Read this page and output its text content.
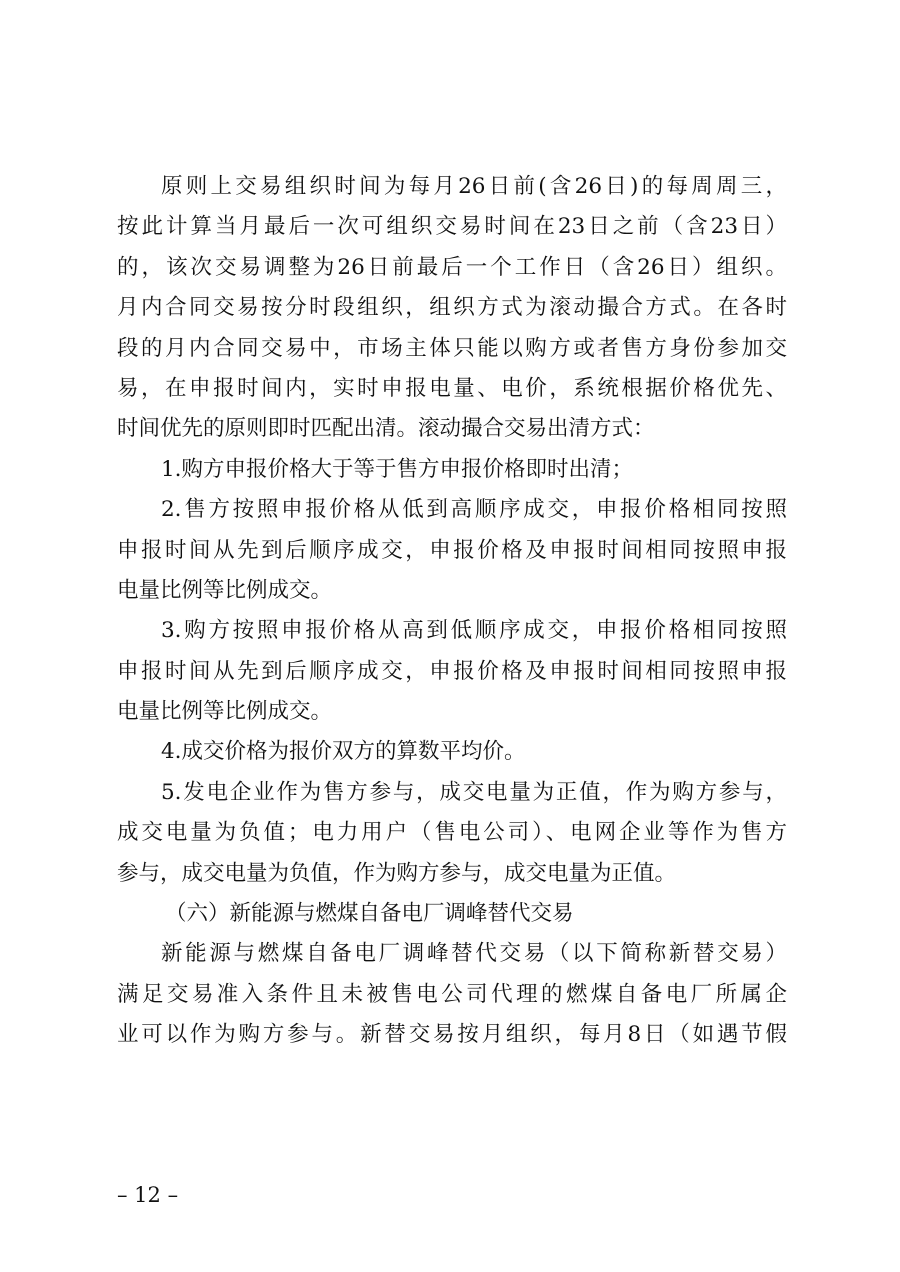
原则上交易组织时间为每月26日前(含26日)的每周周三，
按此计算当月最后一次可组织交易时间在23日之前（含23日）
的，该次交易调整为26日前最后一个工作日（含26日）组织。
月内合同交易按分时段组织，组织方式为滚动撮合方式。在各时
段的月内合同交易中，市场主体只能以购方或者售方身份参加交
易，在申报时间内，实时申报电量、电价，系统根据价格优先、
时间优先的原则即时匹配出清。滚动撮合交易出清方式：
1.购方申报价格大于等于售方申报价格即时出清；
2.售方按照申报价格从低到高顺序成交，申报价格相同按照
申报时间从先到后顺序成交，申报价格及申报时间相同按照申报
电量比例等比例成交。
3.购方按照申报价格从高到低顺序成交，申报价格相同按照
申报时间从先到后顺序成交，申报价格及申报时间相同按照申报
电量比例等比例成交。
4.成交价格为报价双方的算数平均价。
5.发电企业作为售方参与，成交电量为正值，作为购方参与，
成交电量为负值；电力用户（售电公司）、电网企业等作为售方
参与，成交电量为负值，作为购方参与，成交电量为正值。
（六）新能源与燃煤自备电厂调峰替代交易
新能源与燃煤自备电厂调峰替代交易（以下简称新替交易）
满足交易准入条件且未被售电公司代理的燃煤自备电厂所属企
业可以作为购方参与。新替交易按月组织，每月8日（如遇节假
– 12 –
